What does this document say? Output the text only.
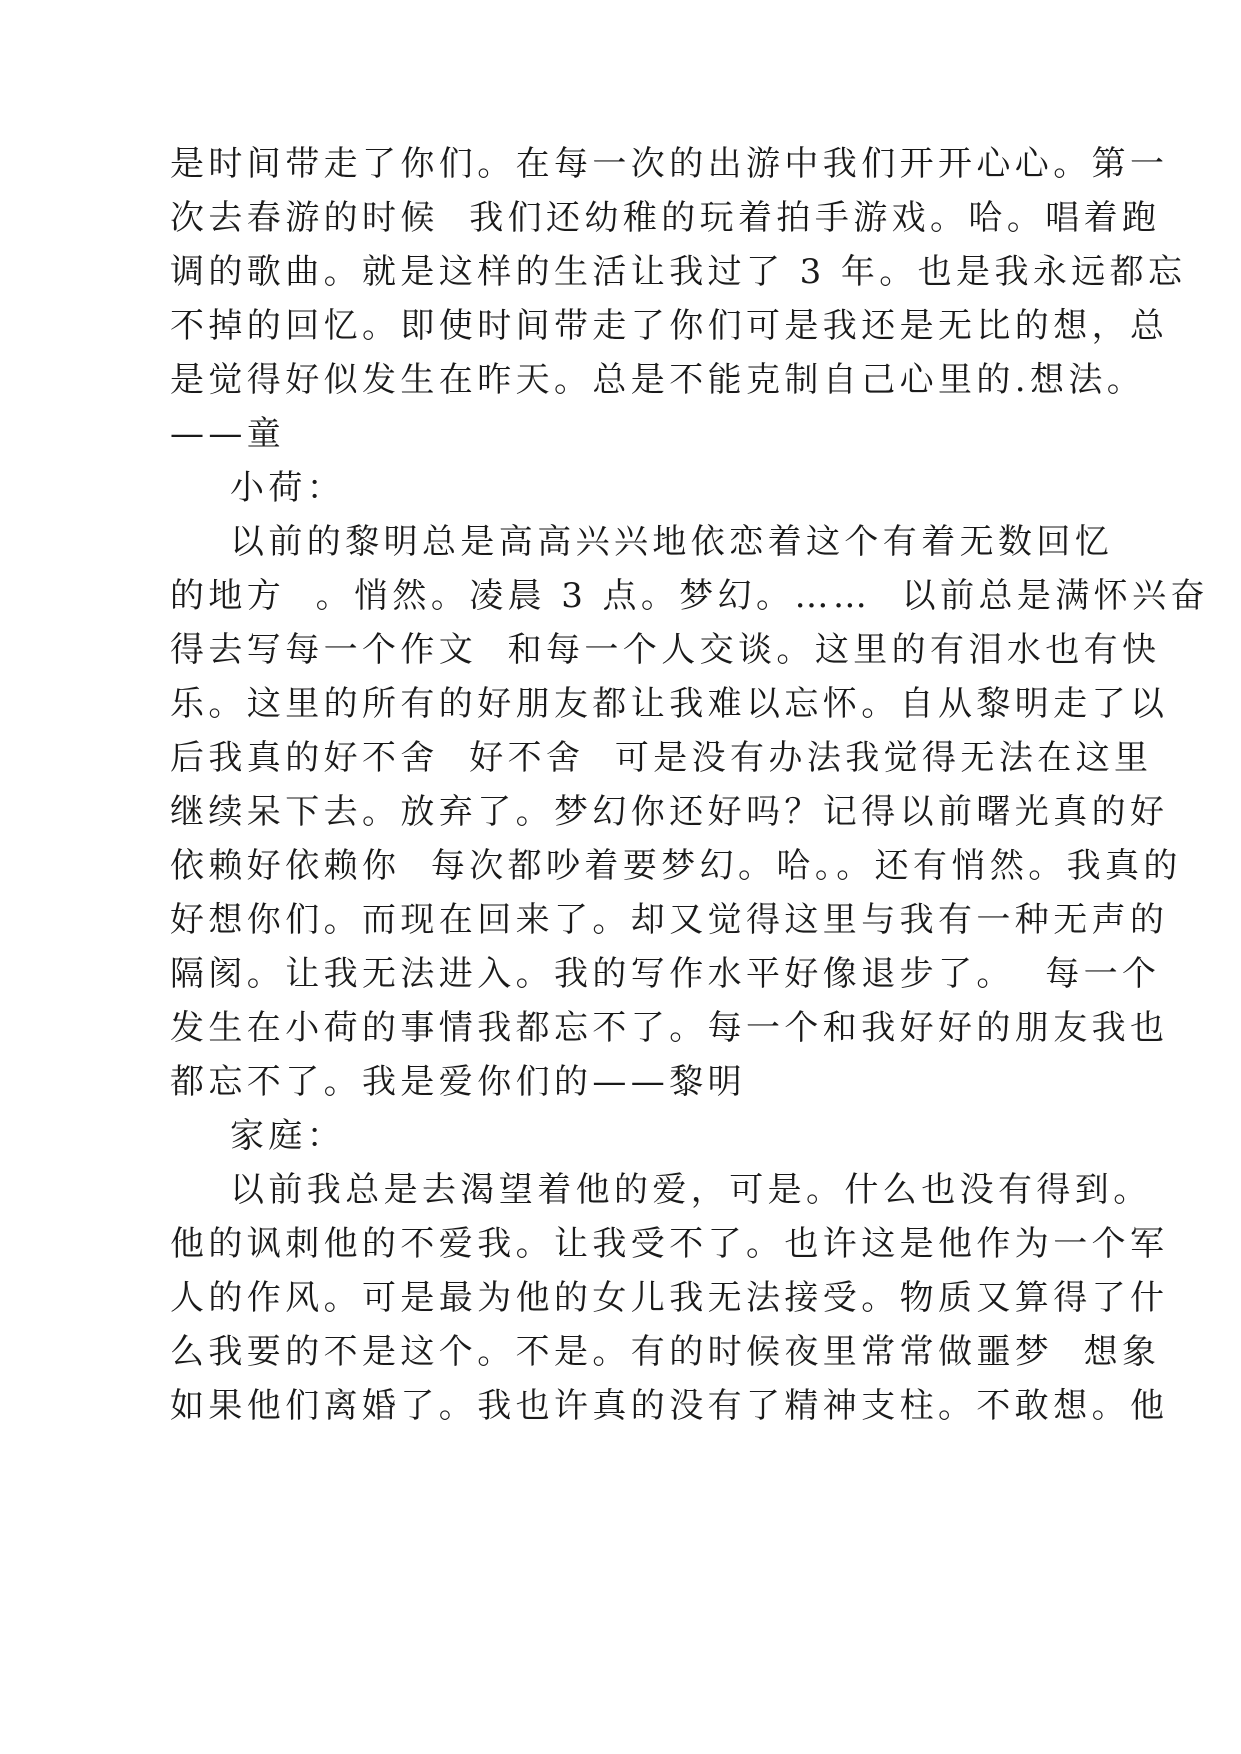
是时间带走了你们。在每一次的出游中我们开开心心。第一
次去春游的时候  我们还幼稚的玩着拍手游戏。哈。唱着跑
调的歌曲。就是这样的生活让我过了 3 年。也是我永远都忘
不掉的回忆。即使时间带走了你们可是我还是无比的想，总
是觉得好似发生在昨天。总是不能克制自己心里的.想法。
——童
小荷：
以前的黎明总是高高兴兴地依恋着这个有着无数回忆
的地方  。悄然。凌晨 3 点。梦幻。……  以前总是满怀兴奋
得去写每一个作文  和每一个人交谈。这里的有泪水也有快
乐。这里的所有的好朋友都让我难以忘怀。自从黎明走了以
后我真的好不舍  好不舍  可是没有办法我觉得无法在这里
继续呆下去。放弃了。梦幻你还好吗？记得以前曙光真的好
依赖好依赖你  每次都吵着要梦幻。哈。。还有悄然。我真的
好想你们。而现在回来了。却又觉得这里与我有一种无声的
隔阂。让我无法进入。我的写作水平好像退步了。  每一个
发生在小荷的事情我都忘不了。每一个和我好好的朋友我也
都忘不了。我是爱你们的——黎明
家庭：
以前我总是去渴望着他的爱，可是。什么也没有得到。
他的讽刺他的不爱我。让我受不了。也许这是他作为一个军
人的作风。可是最为他的女儿我无法接受。物质又算得了什
么我要的不是这个。不是。有的时候夜里常常做噩梦  想象
如果他们离婚了。我也许真的没有了精神支柱。不敢想。他
